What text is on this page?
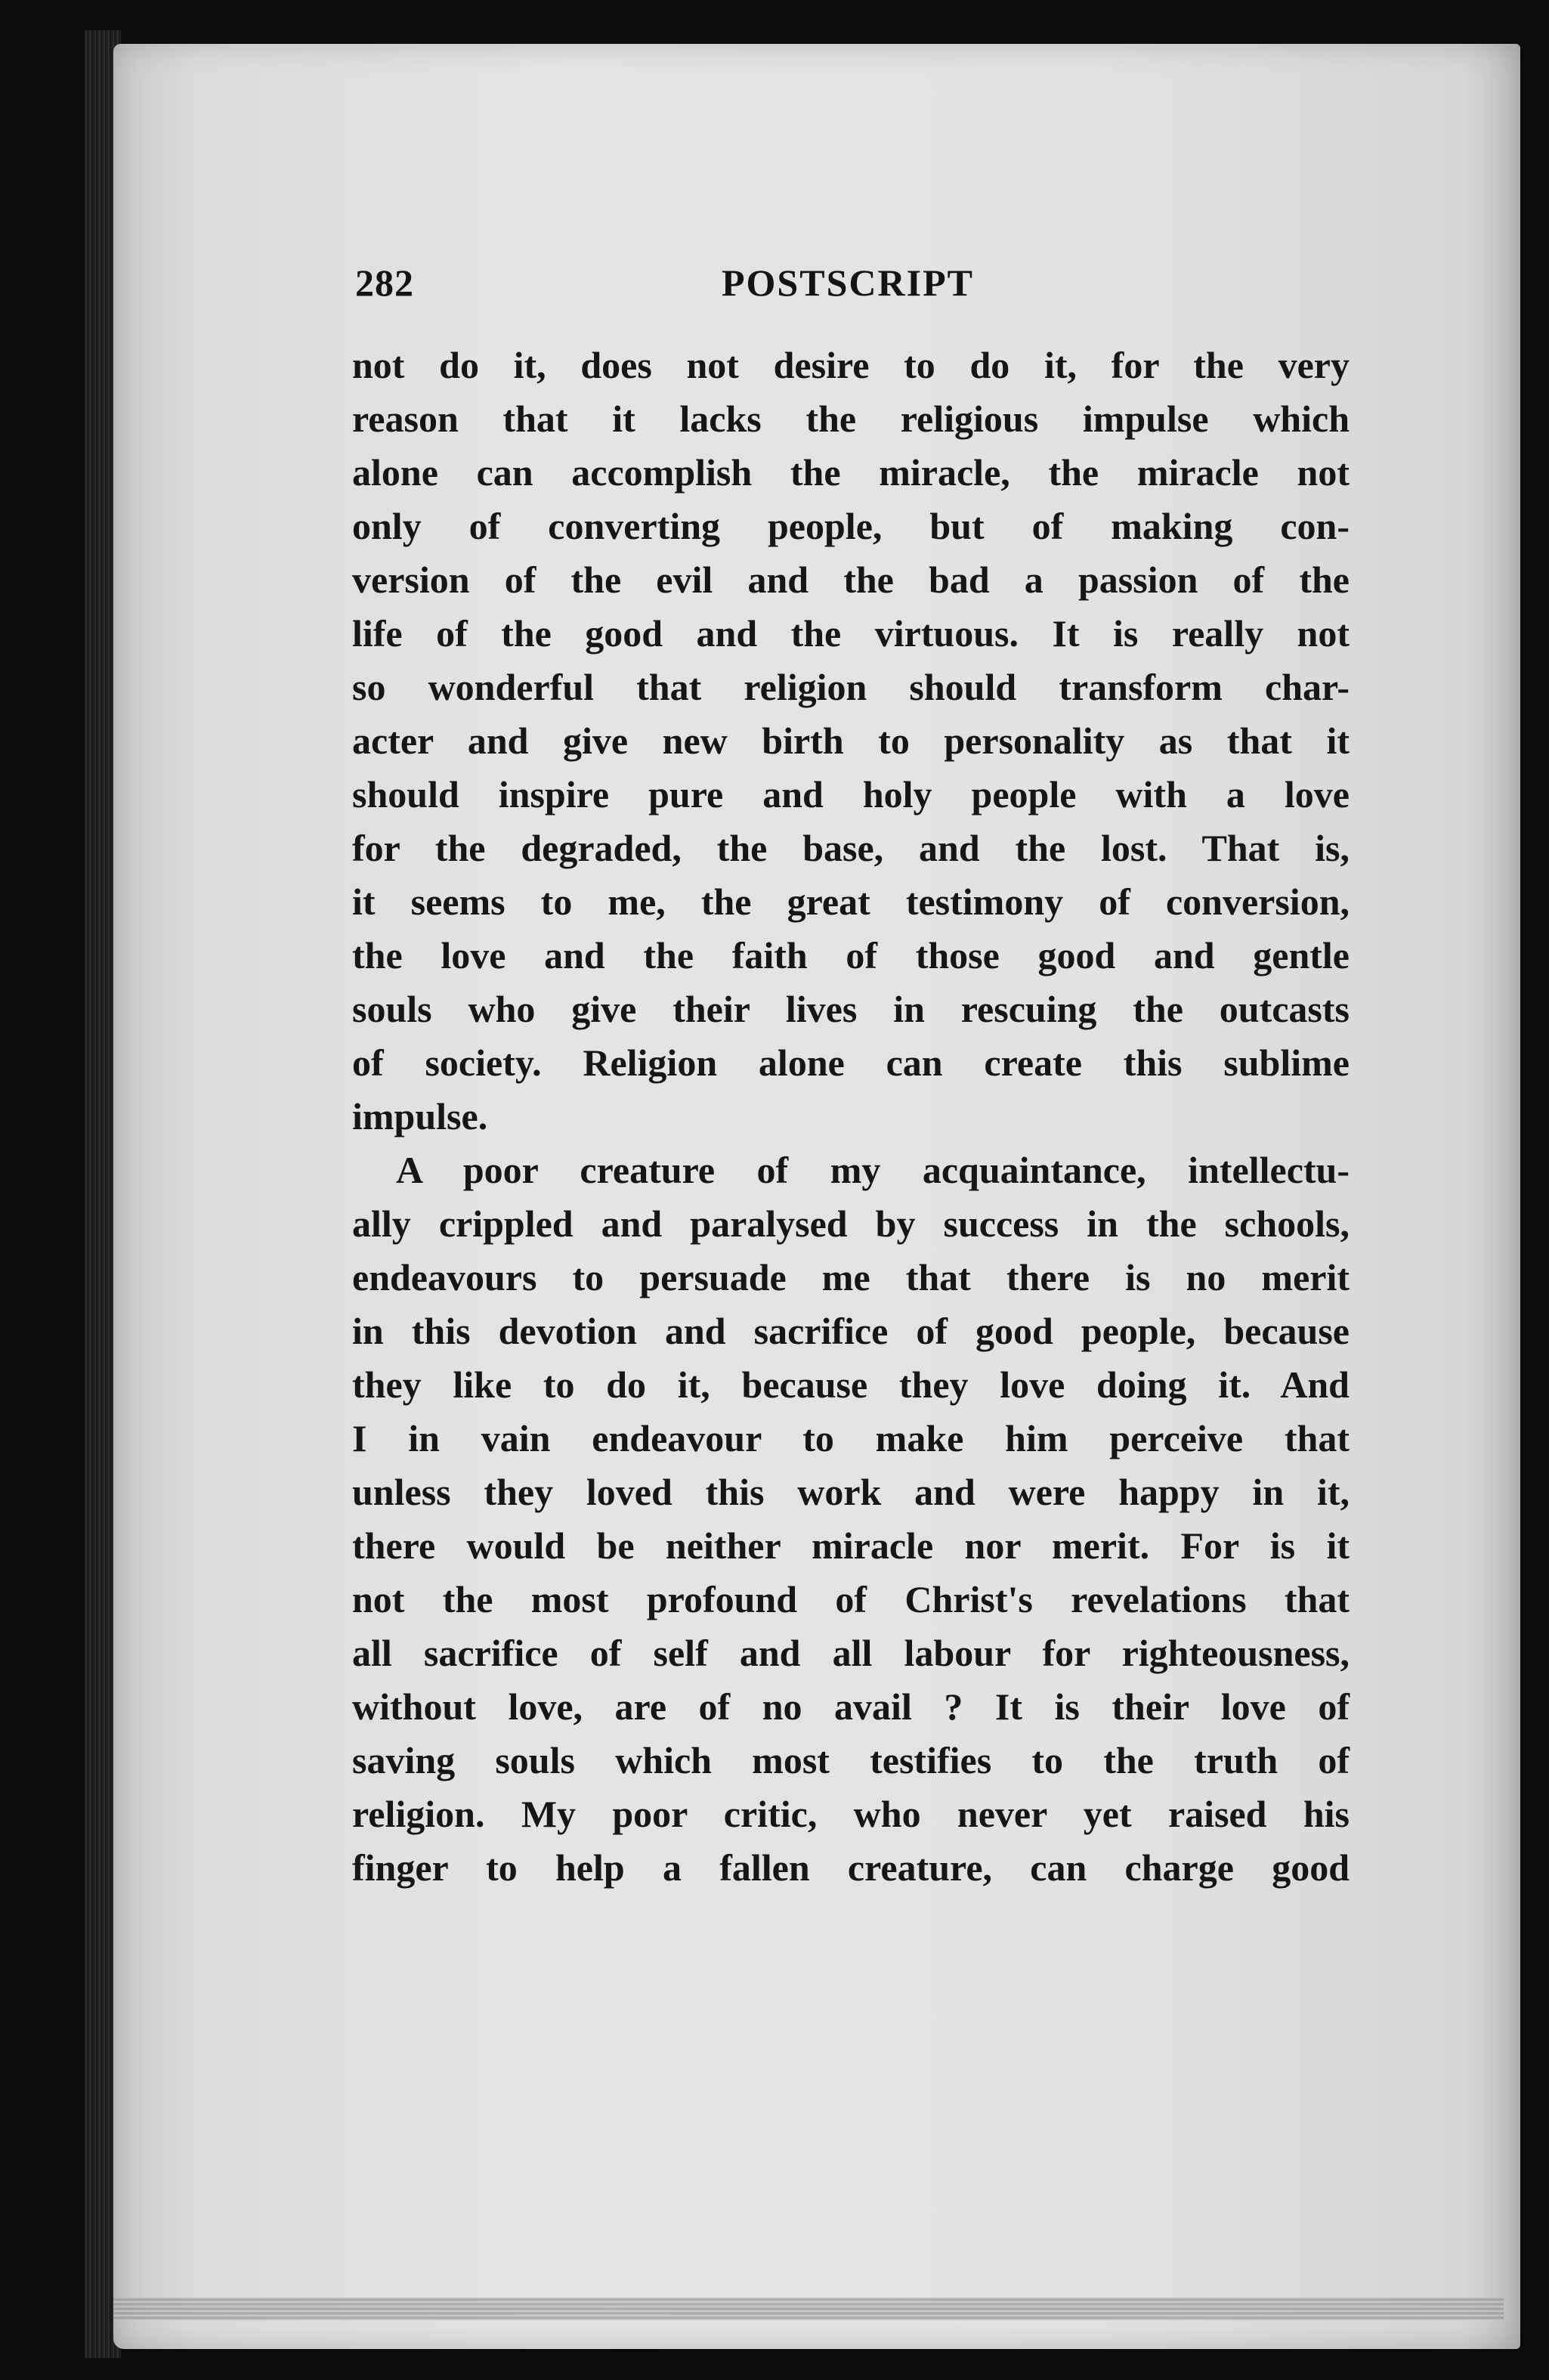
282	POSTSCRIPT
not do it, does not desire to do it, for the very
reason that it lacks the religious impulse which
alone can accomplish the miracle, the miracle not
only of converting people, but of making con-
version of the evil and the bad a passion of the
life of the good and the virtuous. It is really not
so wonderful that religion should transform char-
acter and give new birth to personality as that it
should inspire pure and holy people with a love
for the degraded, the base, and the lost. That is,
it seems to me, the great testimony of conversion,
the love and the faith of those good and gentle
souls who give their lives in rescuing the outcasts
of society. Religion alone can create this sublime
impulse.
A poor creature of my acquaintance, intellectu-
ally crippled and paralysed by success in the schools,
endeavours to persuade me that there is no merit
in this devotion and sacrifice of good people, because
they like to do it, because they love doing it. And
I in vain endeavour to make him perceive that
unless they loved this work and were happy in it,
there would be neither miracle nor merit. For is it
not the most profound of Christ's revelations that
all sacrifice of self and all labour for righteousness,
without love, are of no avail ? It is their love of
saving souls which most testifies to the truth of
religion. My poor critic, who never yet raised his
finger to help a fallen creature, can charge good
